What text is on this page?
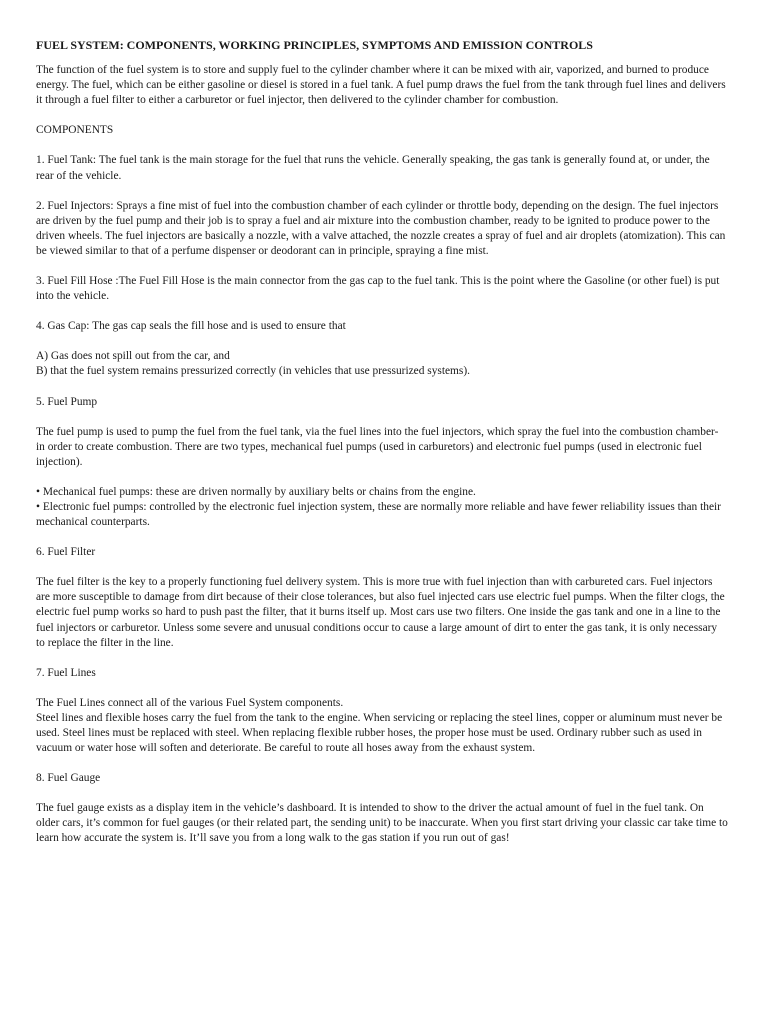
FUEL SYSTEM: COMPONENTS, WORKING PRINCIPLES, SYMPTOMS AND EMISSION CONTROLS

The function of the fuel system is to store and supply fuel to the cylinder chamber where it can be mixed with air, vaporized, and burned to produce energy. The fuel, which can be either gasoline or diesel is stored in a fuel tank. A fuel pump draws the fuel from the tank through fuel lines and delivers it through a fuel filter to either a carburetor or fuel injector, then delivered to the cylinder chamber for combustion.

COMPONENTS

1. Fuel Tank: The fuel tank is the main storage for the fuel that runs the vehicle. Generally speaking, the gas tank is generally found at, or under, the rear of the vehicle.

2. Fuel Injectors: Sprays a fine mist of fuel into the combustion chamber of each cylinder or throttle body, depending on the design. The fuel injectors are driven by the fuel pump and their job is to spray a fuel and air mixture into the combustion chamber, ready to be ignited to produce power to the driven wheels. The fuel injectors are basically a nozzle, with a valve attached, the nozzle creates a spray of fuel and air droplets (atomization). This can be viewed similar to that of a perfume dispenser or deodorant can in principle, spraying a fine mist.

3. Fuel Fill Hose :The Fuel Fill Hose is the main connector from the gas cap to the fuel tank. This is the point where the Gasoline (or other fuel) is put into the vehicle.

4. Gas Cap: The gas cap seals the fill hose and is used to ensure that

A) Gas does not spill out from the car, and
B) that the fuel system remains pressurized correctly (in vehicles that use pressurized systems).

5. Fuel Pump

The fuel pump is used to pump the fuel from the fuel tank, via the fuel lines into the fuel injectors, which spray the fuel into the combustion chamber- in order to create combustion. There are two types, mechanical fuel pumps (used in carburetors) and electronic fuel pumps (used in electronic fuel injection).

• Mechanical fuel pumps: these are driven normally by auxiliary belts or chains from the engine.
• Electronic fuel pumps: controlled by the electronic fuel injection system, these are normally more reliable and have fewer reliability issues than their mechanical counterparts.

6. Fuel Filter

The fuel filter is the key to a properly functioning fuel delivery system. This is more true with fuel injection than with carbureted cars. Fuel injectors are more susceptible to damage from dirt because of their close tolerances, but also fuel injected cars use electric fuel pumps. When the filter clogs, the electric fuel pump works so hard to push past the filter, that it burns itself up. Most cars use two filters. One inside the gas tank and one in a line to the fuel injectors or carburetor. Unless some severe and unusual conditions occur to cause a large amount of dirt to enter the gas tank, it is only necessary to replace the filter in the line.

7. Fuel Lines

The Fuel Lines connect all of the various Fuel System components.
Steel lines and flexible hoses carry the fuel from the tank to the engine. When servicing or replacing the steel lines, copper or aluminum must never be used. Steel lines must be replaced with steel. When replacing flexible rubber hoses, the proper hose must be used. Ordinary rubber such as used in vacuum or water hose will soften and deteriorate. Be careful to route all hoses away from the exhaust system.

8. Fuel Gauge

The fuel gauge exists as a display item in the vehicle’s dashboard. It is intended to show to the driver the actual amount of fuel in the fuel tank. On older cars, it’s common for fuel gauges (or their related part, the sending unit) to be inaccurate. When you first start driving your classic car take time to learn how accurate the system is. It’ll save you from a long walk to the gas station if you run out of gas!
